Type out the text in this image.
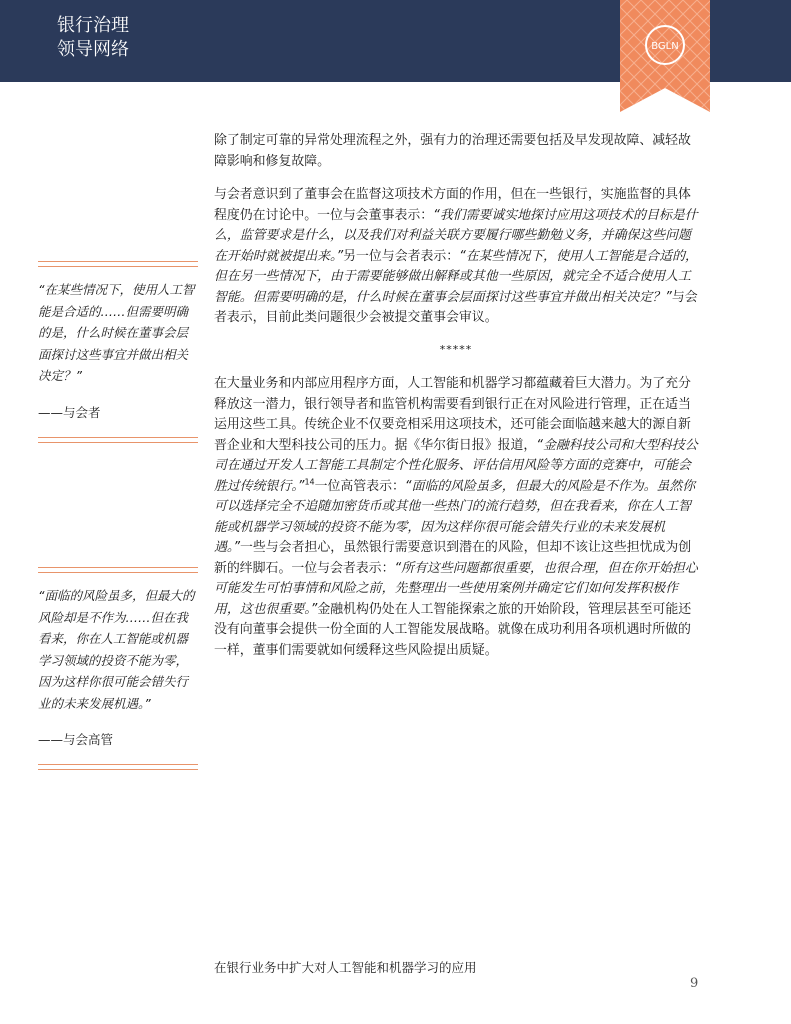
银行治理
领导网络	BGLN

除了制定可靠的异常处理流程之外，强有力的治理还需要包括及早发现故障、减轻故障影响和修复故障。

与会者意识到了董事会在监督这项技术方面的作用，但在一些银行，实施监督的具体程度仍在讨论中。一位与会董事表示：“我们需要诚实地探讨应用这项技术的目标是什么，监管要求是什么，以及我们对利益关联方要履行哪些勤勉义务，并确保这些问题在开始时就被提出来。”另一位与会者表示：“在某些情况下，使用人工智能是合适的，但在另一些情况下，由于需要能够做出解释或其他一些原因，就完全不适合使用人工智能。但需要明确的是，什么时候在董事会层面探讨这些事宜并做出相关决定？”与会者表示，目前此类问题很少会被提交董事会审议。

*****

在大量业务和内部应用程序方面，人工智能和机器学习都蕴藏着巨大潜力。为了充分释放这一潜力，银行领导者和监管机构需要看到银行正在对风险进行管理，正在适当运用这些工具。传统企业不仅要竞相采用这项技术，还可能会面临越来越大的源自新晋企业和大型科技公司的压力。据《华尔街日报》报道，“金融科技公司和大型科技公司在通过开发人工智能工具制定个性化服务、评估信用风险等方面的竞赛中，可能会胜过传统银行。”$^{14}$一位高管表示：“面临的风险虽多，但最大的风险是不作为。虽然你可以选择完全不追随加密货币或其他一些热门的流行趋势，但在我看来，你在人工智能或机器学习领域的投资不能为零，因为这样你很可能会错失行业的未来发展机遇。”一些与会者担心，虽然银行需要意识到潜在的风险，但却不该让这些担忧成为创新的绊脚石。一位与会者表示：“所有这些问题都很重要，也很合理，但在你开始担心可能发生可怕事情和风险之前，先整理出一些使用案例并确定它们如何发挥积极作用，这也很重要。”金融机构仍处在人工智能探索之旅的开始阶段，管理层甚至可能还没有向董事会提供一份全面的人工智能发展战略。就像在成功利用各项机遇时所做的一样，董事们需要就如何缓释这些风险提出质疑。

“在某些情况下，使用人工智能是合适的……但需要明确的是，什么时候在董事会层面探讨这些事宜并做出相关决定？”

——与会者

“面临的风险虽多，但最大的风险却是不作为……但在我看来，你在人工智能或机器学习领域的投资不能为零，因为这样你很可能会错失行业的未来发展机遇。”

——与会高管
在银行业务中扩大对人工智能和机器学习的应用
9
